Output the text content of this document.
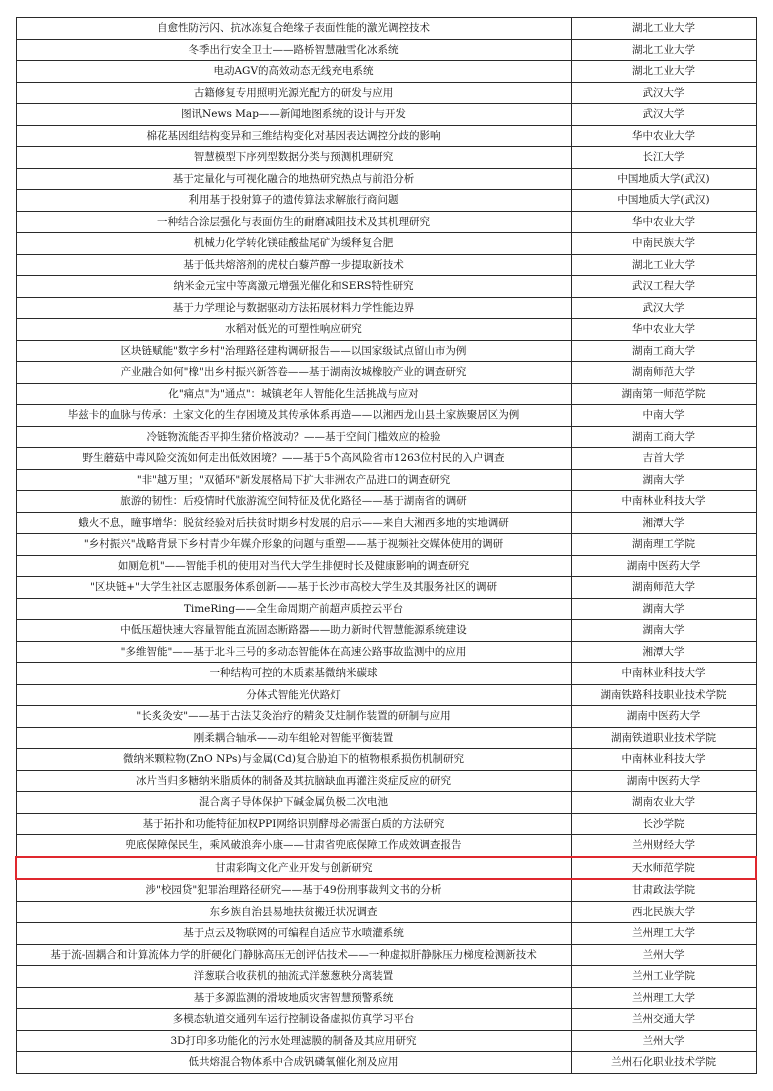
自愈性防污闪、抗冰冻复合绝缘子表面性能的激光调控技术	湖北工业大学
冬季出行安全卫士——路桥智慧融雪化冰系统	湖北工业大学
电动AGV的高效动态无线充电系统	湖北工业大学
古籍修复专用照明光源光配方的研发与应用	武汉大学
图讯News Map——新闻地图系统的设计与开发	武汉大学
棉花基因组结构变异和三维结构变化对基因表达调控分歧的影响	华中农业大学
智慧模型下序列型数据分类与预测机理研究	长江大学
基于定量化与可视化融合的地热研究热点与前沿分析	中国地质大学(武汉)
利用基于投射算子的遗传算法求解旅行商问题	中国地质大学(武汉)
一种结合涂层强化与表面仿生的耐磨减阻技术及其机理研究	华中农业大学
机械力化学转化镁硅酸盐尾矿为缓释复合肥	中南民族大学
基于低共熔溶剂的虎杖白藜芦醇一步提取新技术	湖北工业大学
纳米金元宝中等离激元增强光催化和SERS特性研究	武汉工程大学
基于力学理论与数据驱动方法拓展材料力学性能边界	武汉大学
水稻对低光的可塑性响应研究	华中农业大学
区块链赋能"数字乡村"治理路径建构调研报告——以国家级试点留山市为例	湖南工商大学
产业融合如何"橡"出乡村振兴新答卷——基于湖南汝城橡胶产业的调查研究	湖南师范大学
化"痛点"为"通点"：城镇老年人智能化生活挑战与应对	湖南第一师范学院
毕兹卡的血脉与传承：土家文化的生存困境及其传承体系再造——以湘西龙山县土家族聚居区为例	中南大学
冷链物流能否平抑生猪价格波动？——基于空间门槛效应的检验	湖南工商大学
野生蘑菇中毒风险交流如何走出低效困境？——基于5个高风险省市1263位村民的入户调查	吉首大学
"非"越万里；"双循环"新发展格局下扩大非洲农产品进口的调查研究	湖南大学
旅游的韧性：后疫情时代旅游流空间特征及优化路径——基于湖南省的调研	中南林业科技大学
蛾火不息，瞳事增华：脱贫经验对后扶贫时期乡村发展的启示——来自大湘西多地的实地调研	湘潭大学
"乡村振兴"战略背景下乡村青少年媒介形象的问题与重塑——基于视频社交媒体使用的调研	湖南理工学院
如厕危机"——智能手机的使用对当代大学生排便时长及健康影响的调查研究	湖南中医药大学
"区块链+"大学生社区志愿服务体系创新——基于长沙市高校大学生及其服务社区的调研	湖南师范大学
TimeRing——全生命周期产前超声质控云平台	湖南大学
中低压超快速大容量智能直流固态断路器——助力新时代智慧能源系统建设	湖南大学
"多维智能"——基于北斗三号的多动态智能体在高速公路事故监测中的应用	湘潭大学
一种结构可控的木质素基微纳米碳球	中南林业科技大学
分体式智能光伏路灯	湖南铁路科技职业技术学院
"长炙灸安"——基于古法艾灸治疗的精灸艾炷制作装置的研制与应用	湖南中医药大学
刚柔耦合轴承——动车组轮对智能平衡装置	湖南铁道职业技术学院
微纳米颗粒物(ZnO NPs)与金属(Cd)复合胁迫下的植物根系损伤机制研究	中南林业科技大学
冰片当归多糖纳米脂质体的制备及其抗脑缺血再灌注炎症反应的研究	湖南中医药大学
混合离子导体保护下碱金属负极二次电池	湖南农业大学
基于拓扑和功能特征加权PPI网络识别酵母必需蛋白质的方法研究	长沙学院
兜底保障保民生，乘风破浪奔小康——甘肃省兜底保障工作成效调查报告	兰州财经大学
甘肃彩陶文化产业开发与创新研究	天水师范学院
涉"校园贷"犯罪治理路径研究——基于49份刑事裁判文书的分析	甘肃政法学院
东乡族自治县易地扶贫搬迁状况调查	西北民族大学
基于点云及物联网的可编程自适应节水喷灌系统	兰州理工大学
基于流-固耦合和计算流体力学的肝硬化门静脉高压无创评估技术——一种虚拟肝静脉压力梯度检测新技术	兰州大学
洋葱联合收获机的抽流式洋葱葱秧分离装置	兰州工业学院
基于多源监测的滑坡地质灾害智慧预警系统	兰州理工大学
多模态轨道交通列车运行控制设备虚拟仿真学习平台	兰州交通大学
3D打印多功能化的污水处理滤膜的制备及其应用研究	兰州大学
低共熔混合物体系中合成钒磷氧催化剂及应用	兰州石化职业技术学院
